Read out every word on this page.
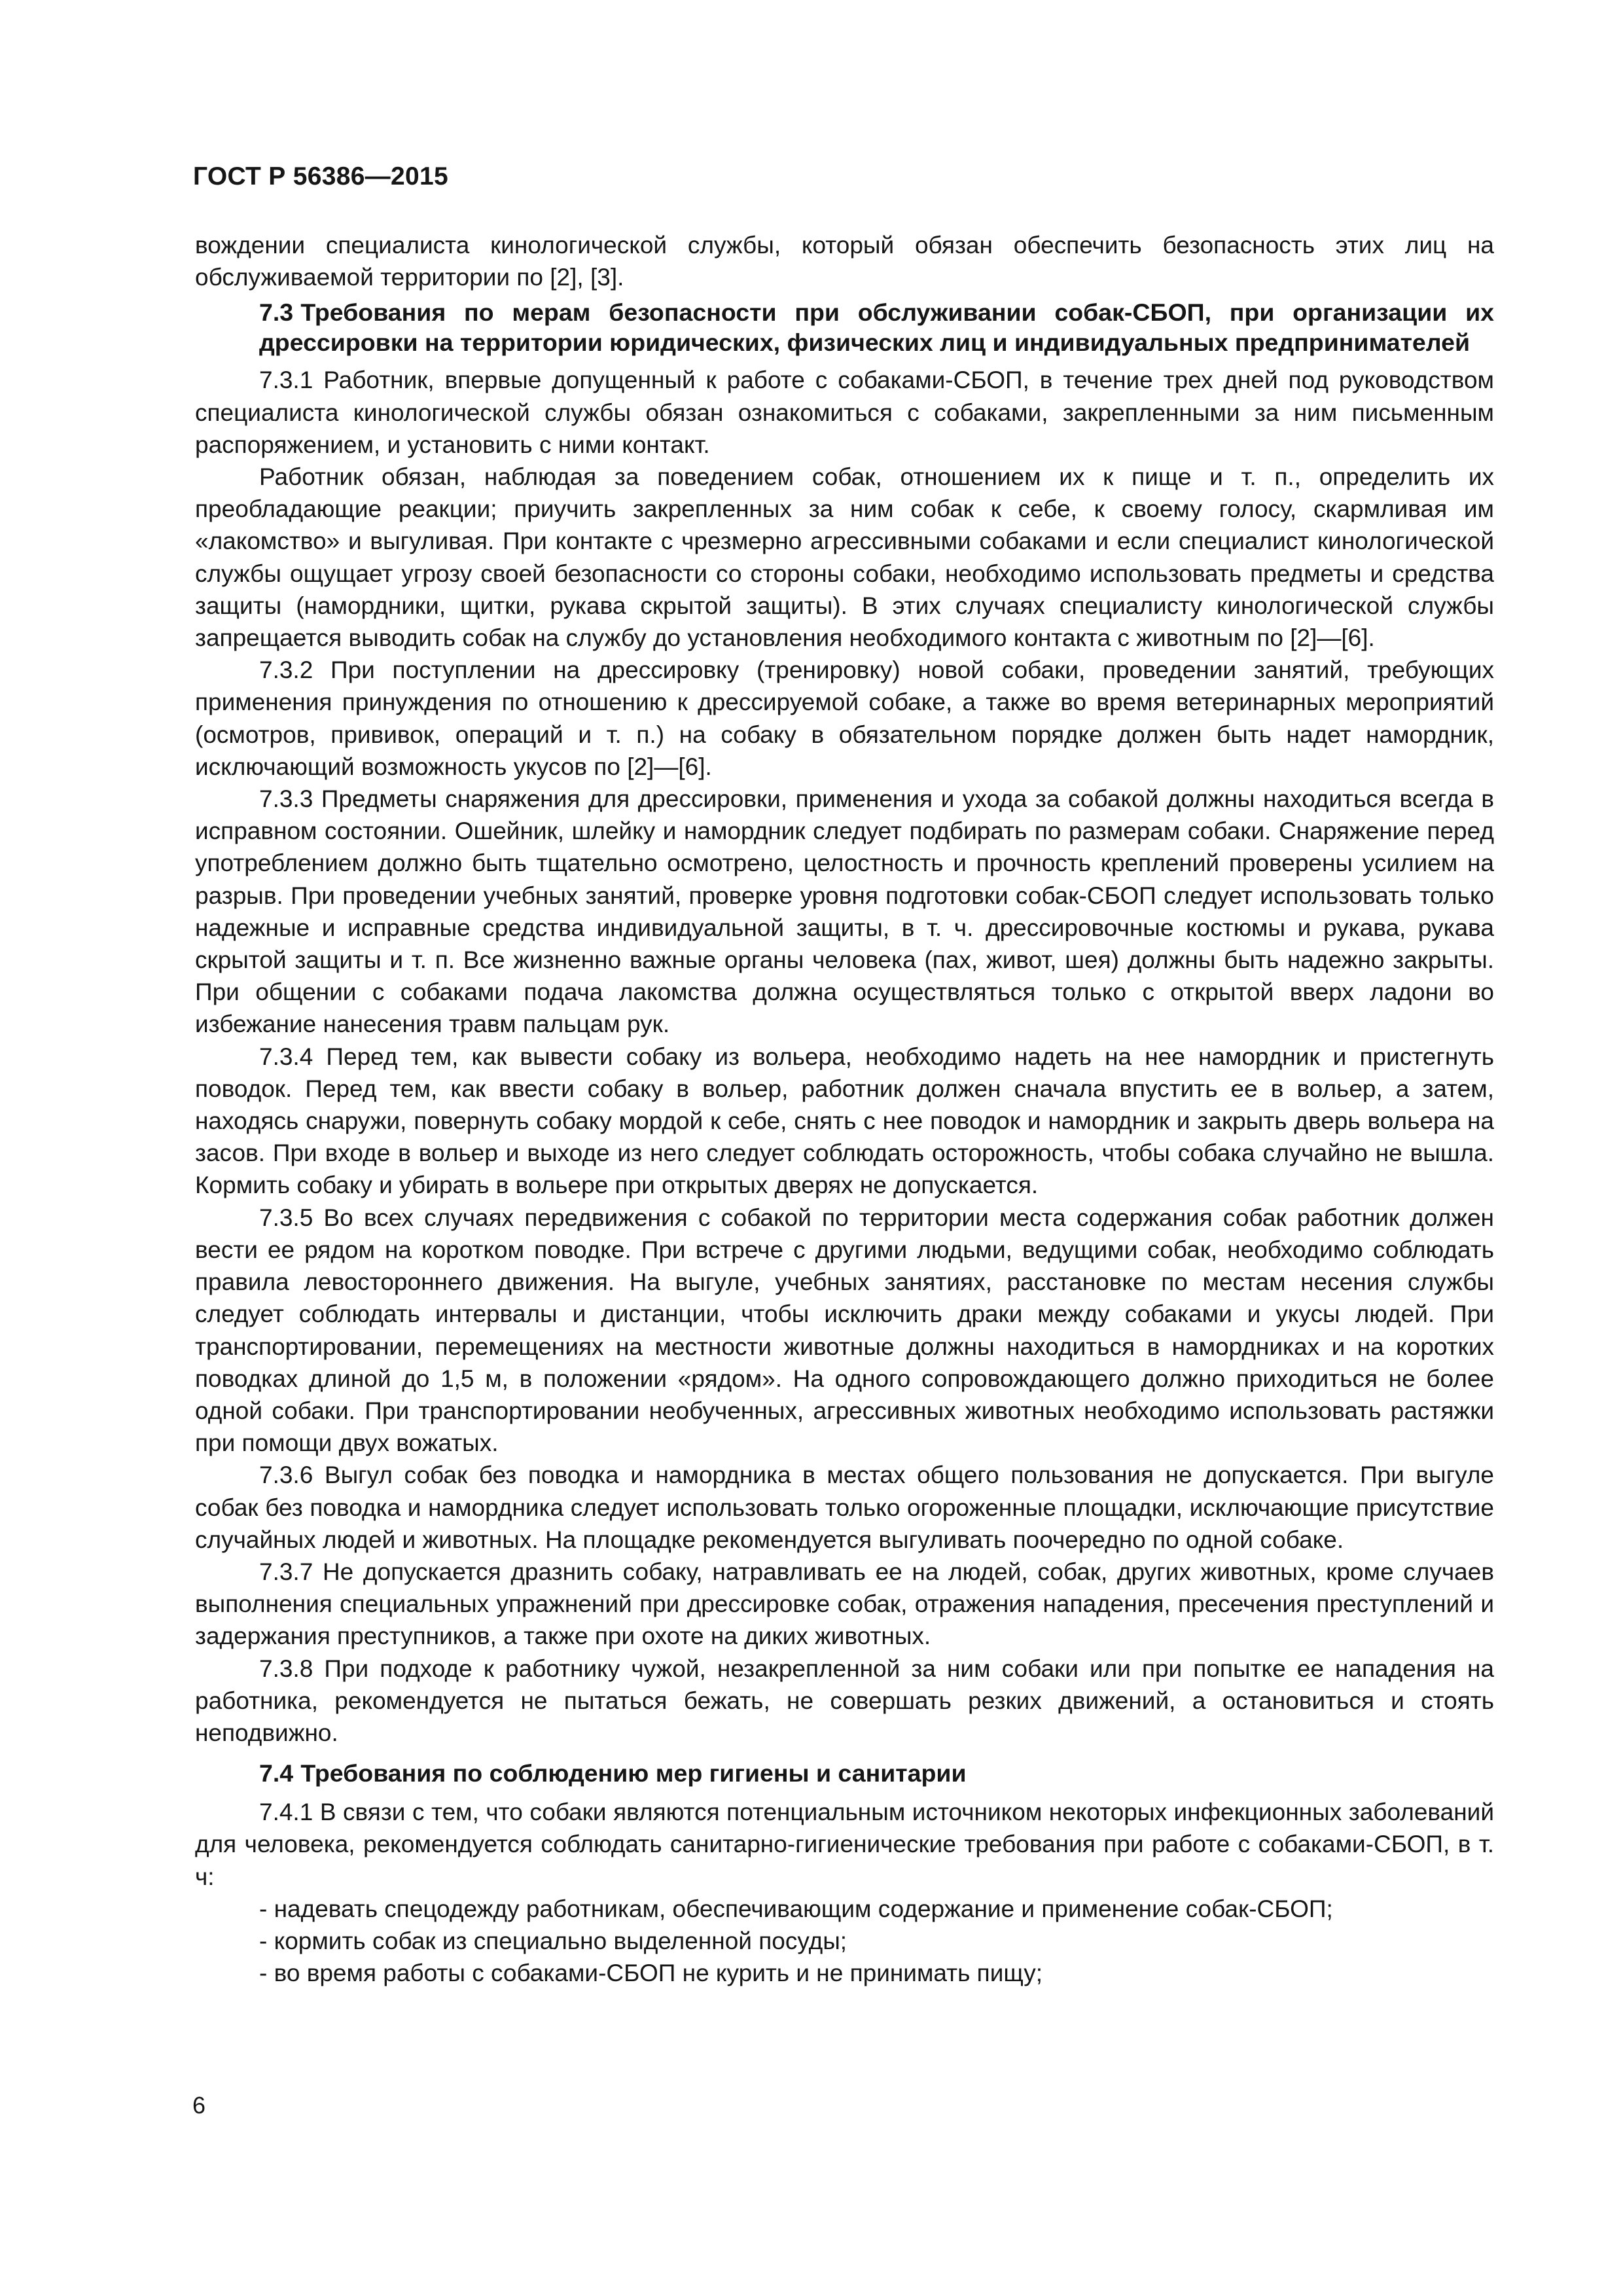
ГОСТ Р 56386—2015

вождении специалиста кинологической службы, который обязан обеспечить безопасность этих лиц на обслуживаемой территории по [2], [3].

7.3 Требования по мерам безопасности при обслуживании собак-СБОП, при организации их дрессировки на территории юридических, физических лиц и индивидуальных предпринимателей

7.3.1 Работник, впервые допущенный к работе с собаками-СБОП, в течение трех дней под руководством специалиста кинологической службы обязан ознакомиться с собаками, закрепленными за ним письменным распоряжением, и установить с ними контакт.

Работник обязан, наблюдая за поведением собак, отношением их к пище и т. п., определить их преобладающие реакции; приучить закрепленных за ним собак к себе, к своему голосу, скармливая им «лакомство» и выгуливая. При контакте с чрезмерно агрессивными собаками и если специалист кинологической службы ощущает угрозу своей безопасности со стороны собаки, необходимо использовать предметы и средства защиты (намордники, щитки, рукава скрытой защиты). В этих случаях специалисту кинологической службы запрещается выводить собак на службу до установления необходимого контакта с животным по [2]—[6].

7.3.2 При поступлении на дрессировку (тренировку) новой собаки, проведении занятий, требующих применения принуждения по отношению к дрессируемой собаке, а также во время ветеринарных мероприятий (осмотров, прививок, операций и т. п.) на собаку в обязательном порядке должен быть надет намордник, исключающий возможность укусов по [2]—[6].

7.3.3 Предметы снаряжения для дрессировки, применения и ухода за собакой должны находиться всегда в исправном состоянии. Ошейник, шлейку и намордник следует подбирать по размерам собаки. Снаряжение перед употреблением должно быть тщательно осмотрено, целостность и прочность креплений проверены усилием на разрыв. При проведении учебных занятий, проверке уровня подготовки собак-СБОП следует использовать только надежные и исправные средства индивидуальной защиты, в т. ч. дрессировочные костюмы и рукава, рукава скрытой защиты и т. п. Все жизненно важные органы человека (пах, живот, шея) должны быть надежно закрыты. При общении с собаками подача лакомства должна осуществляться только с открытой вверх ладони во избежание нанесения травм пальцам рук.

7.3.4 Перед тем, как вывести собаку из вольера, необходимо надеть на нее намордник и пристегнуть поводок. Перед тем, как ввести собаку в вольер, работник должен сначала впустить ее в вольер, а затем, находясь снаружи, повернуть собаку мордой к себе, снять с нее поводок и намордник и закрыть дверь вольера на засов. При входе в вольер и выходе из него следует соблюдать осторожность, чтобы собака случайно не вышла. Кормить собаку и убирать в вольере при открытых дверях не допускается.

7.3.5 Во всех случаях передвижения с собакой по территории места содержания собак работник должен вести ее рядом на коротком поводке. При встрече с другими людьми, ведущими собак, необходимо соблюдать правила левостороннего движения. На выгуле, учебных занятиях, расстановке по местам несения службы следует соблюдать интервалы и дистанции, чтобы исключить драки между собаками и укусы людей. При транспортировании, перемещениях на местности животные должны находиться в намордниках и на коротких поводках длиной до 1,5 м, в положении «рядом». На одного сопровождающего должно приходиться не более одной собаки. При транспортировании необученных, агрессивных животных необходимо использовать растяжки при помощи двух вожатых.

7.3.6 Выгул собак без поводка и намордника в местах общего пользования не допускается. При выгуле собак без поводка и намордника следует использовать только огороженные площадки, исключающие присутствие случайных людей и животных. На площадке рекомендуется выгуливать поочередно по одной собаке.

7.3.7 Не допускается дразнить собаку, натравливать ее на людей, собак, других животных, кроме случаев выполнения специальных упражнений при дрессировке собак, отражения нападения, пресечения преступлений и задержания преступников, а также при охоте на диких животных.

7.3.8 При подходе к работнику чужой, незакрепленной за ним собаки или при попытке ее нападения на работника, рекомендуется не пытаться бежать, не совершать резких движений, а остановиться и стоять неподвижно.

7.4 Требования по соблюдению мер гигиены и санитарии

7.4.1 В связи с тем, что собаки являются потенциальным источником некоторых инфекционных заболеваний для человека, рекомендуется соблюдать санитарно-гигиенические требования при работе с собаками-СБОП, в т. ч:

- надевать спецодежду работникам, обеспечивающим содержание и применение собак-СБОП;

- кормить собак из специально выделенной посуды;

- во время работы с собаками-СБОП не курить и не принимать пищу;

6
